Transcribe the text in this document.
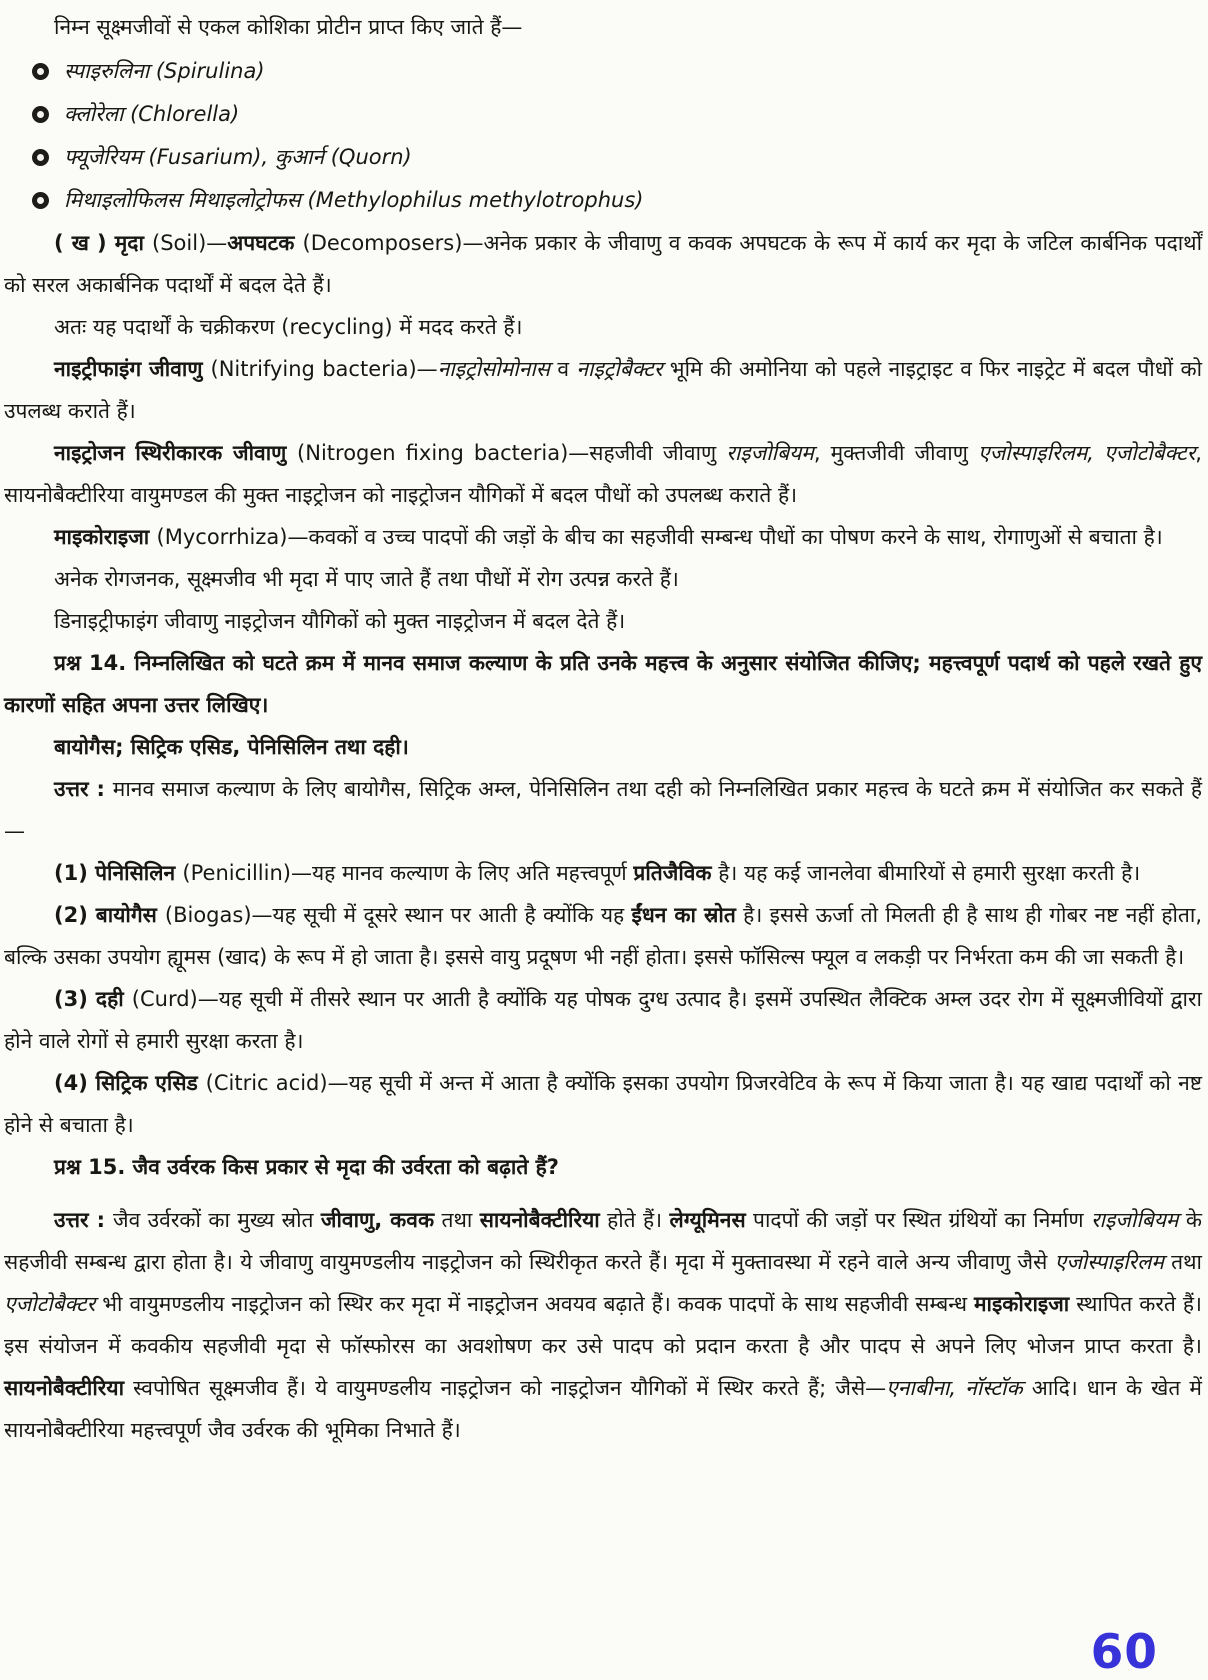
निम्न सूक्ष्मजीवों से एकल कोशिका प्रोटीन प्राप्त किए जाते हैं—

स्पाइरुलिना (Spirulina)
क्लोरेला (Chlorella)
फ्यूजेरियम (Fusarium), कुआर्न (Quorn)
मिथाइलोफिलस मिथाइलोट्रोफस (Methylophilus methylotrophus)

( ख ) मृदा (Soil)—अपघटक (Decomposers)—अनेक प्रकार के जीवाणु व कवक अपघटक के रूप में कार्य कर मृदा के जटिल कार्बनिक पदार्थों को सरल अकार्बनिक पदार्थों में बदल देते हैं।

अतः यह पदार्थों के चक्रीकरण (recycling) में मदद करते हैं।

नाइट्रीफाइंग जीवाणु (Nitrifying bacteria)—नाइट्रोसोमोनास व नाइट्रोबैक्टर भूमि की अमोनिया को पहले नाइट्राइट व फिर नाइट्रेट में बदल पौधों को उपलब्ध कराते हैं।

नाइट्रोजन स्थिरीकारक जीवाणु (Nitrogen fixing bacteria)—सहजीवी जीवाणु राइजोबियम, मुक्तजीवी जीवाणु एजोस्पाइरिलम, एजोटोबैक्टर, सायनोबैक्टीरिया वायुमण्डल की मुक्त नाइट्रोजन को नाइट्रोजन यौगिकों में बदल पौधों को उपलब्ध कराते हैं।

माइकोराइजा (Mycorrhiza)—कवकों व उच्च पादपों की जड़ों के बीच का सहजीवी सम्बन्ध पौधों का पोषण करने के साथ, रोगाणुओं से बचाता है।

अनेक रोगजनक, सूक्ष्मजीव भी मृदा में पाए जाते हैं तथा पौधों में रोग उत्पन्न करते हैं।

डिनाइट्रीफाइंग जीवाणु नाइट्रोजन यौगिकों को मुक्त नाइट्रोजन में बदल देते हैं।

प्रश्न 14. निम्नलिखित को घटते क्रम में मानव समाज कल्याण के प्रति उनके महत्त्व के अनुसार संयोजित कीजिए; महत्त्वपूर्ण पदार्थ को पहले रखते हुए कारणों सहित अपना उत्तर लिखिए।

बायोगैस; सिट्रिक एसिड, पेनिसिलिन तथा दही।

उत्तर : मानव समाज कल्याण के लिए बायोगैस, सिट्रिक अम्ल, पेनिसिलिन तथा दही को निम्नलिखित प्रकार महत्त्व के घटते क्रम में संयोजित कर सकते हैं—

(1) पेनिसिलिन (Penicillin)—यह मानव कल्याण के लिए अति महत्त्वपूर्ण प्रतिजैविक है। यह कई जानलेवा बीमारियों से हमारी सुरक्षा करती है।

(2) बायोगैस (Biogas)—यह सूची में दूसरे स्थान पर आती है क्योंकि यह ईंधन का स्रोत है। इससे ऊर्जा तो मिलती ही है साथ ही गोबर नष्ट नहीं होता, बल्कि उसका उपयोग ह्यूमस (खाद) के रूप में हो जाता है। इससे वायु प्रदूषण भी नहीं होता। इससे फॉसिल्स फ्यूल व लकड़ी पर निर्भरता कम की जा सकती है।

(3) दही (Curd)—यह सूची में तीसरे स्थान पर आती है क्योंकि यह पोषक दुग्ध उत्पाद है। इसमें उपस्थित लैक्टिक अम्ल उदर रोग में सूक्ष्मजीवियों द्वारा होने वाले रोगों से हमारी सुरक्षा करता है।

(4) सिट्रिक एसिड (Citric acid)—यह सूची में अन्त में आता है क्योंकि इसका उपयोग प्रिजरवेटिव के रूप में किया जाता है। यह खाद्य पदार्थों को नष्ट होने से बचाता है।

प्रश्न 15. जैव उर्वरक किस प्रकार से मृदा की उर्वरता को बढ़ाते हैं?

उत्तर : जैव उर्वरकों का मुख्य स्रोत जीवाणु, कवक तथा सायनोबैक्टीरिया होते हैं। लेग्यूमिनस पादपों की जड़ों पर स्थित ग्रंथियों का निर्माण राइजोबियम के सहजीवी सम्बन्ध द्वारा होता है। ये जीवाणु वायुमण्डलीय नाइट्रोजन को स्थिरीकृत करते हैं। मृदा में मुक्तावस्था में रहने वाले अन्य जीवाणु जैसे एजोस्पाइरिलम तथा एजोटोबैक्टर भी वायुमण्डलीय नाइट्रोजन को स्थिर कर मृदा में नाइट्रोजन अवयव बढ़ाते हैं। कवक पादपों के साथ सहजीवी सम्बन्ध माइकोराइजा स्थापित करते हैं। इस संयोजन में कवकीय सहजीवी मृदा से फॉस्फोरस का अवशोषण कर उसे पादप को प्रदान करता है और पादप से अपने लिए भोजन प्राप्त करता है। सायनोबैक्टीरिया स्वपोषित सूक्ष्मजीव हैं। ये वायुमण्डलीय नाइट्रोजन को नाइट्रोजन यौगिकों में स्थिर करते हैं; जैसे—एनाबीना, नॉस्टॉक आदि। धान के खेत में सायनोबैक्टीरिया महत्त्वपूर्ण जैव उर्वरक की भूमिका निभाते हैं।

60
